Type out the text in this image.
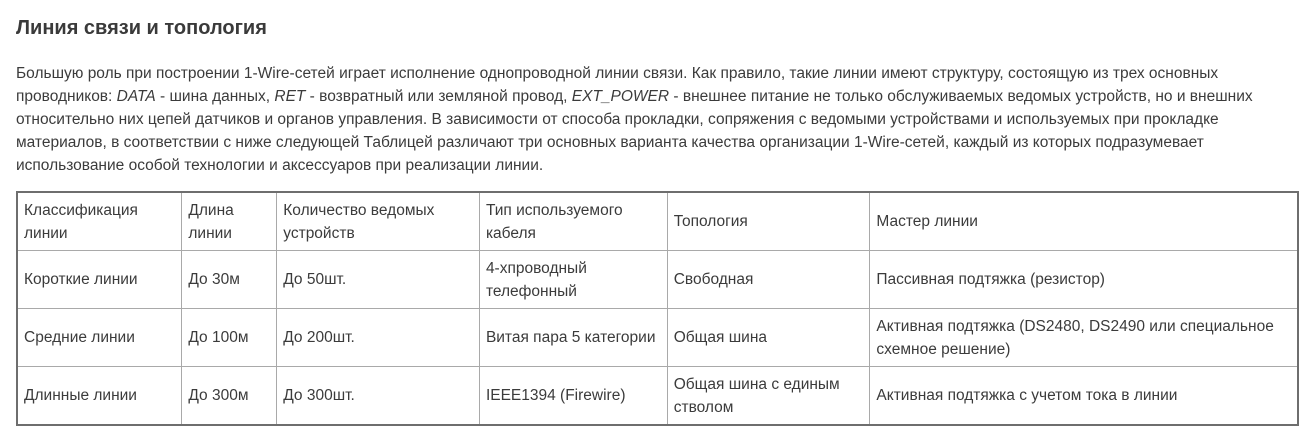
Линия связи и топология

Большую роль при построении 1-Wire-сетей играет исполнение однопроводной линии связи. Как правило, такие линии имеют структуру, состоящую из трех основных проводников: DATA - шина данных, RET - возвратный или земляной провод, EXT_POWER - внешнее питание не только обслуживаемых ведомых устройств, но и внешних относительно них цепей датчиков и органов управления. В зависимости от способа прокладки, сопряжения с ведомыми устройствами и используемых при прокладке материалов, в соответствии с ниже следующей Таблицей различают три основных варианта качества организации 1-Wire-сетей, каждый из которых подразумевает использование особой технологии и аксессуаров при реализации линии.

Классификация линии	Длина линии	Количество ведомых устройств	Тип используемого кабеля	Топология	Мастер линии
Короткие линии	До 30м	До 50шт.	4-хпроводный телефонный	Свободная	Пассивная подтяжка (резистор)
Средние линии	До 100м	До 200шт.	Витая пара 5 категории	Общая шина	Активная подтяжка (DS2480, DS2490 или специальное схемное решение)
Длинные линии	До 300м	До 300шт.	IEEE1394 (Firewire)	Общая шина с единым стволом	Активная подтяжка с учетом тока в линии
